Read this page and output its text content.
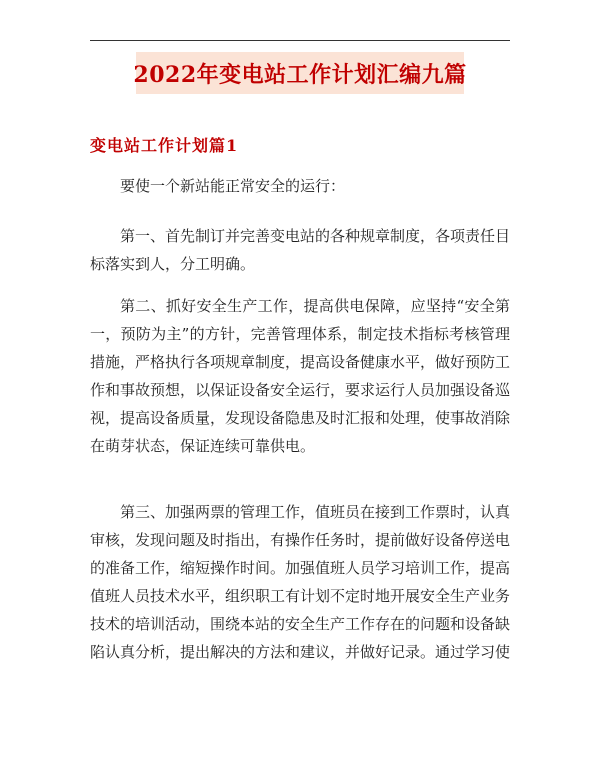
2022年变电站工作计划汇编九篇
变电站工作计划篇1
要使一个新站能正常安全的运行：
第一、首先制订并完善变电站的各种规章制度，各项责任目标落实到人，分工明确。
第二、抓好安全生产工作，提高供电保障，应坚持“安全第一，预防为主”的方针，完善管理体系，制定技术指标考核管理措施，严格执行各项规章制度，提高设备健康水平，做好预防工作和事故预想，以保证设备安全运行，要求运行人员加强设备巡视，提高设备质量，发现设备隐患及时汇报和处理，使事故消除在萌芽状态，保证连续可靠供电。
第三、加强两票的管理工作，值班员在接到工作票时，认真审核，发现问题及时指出，有操作任务时，提前做好设备停送电的准备工作，缩短操作时间。加强值班人员学习培训工作，提高值班人员技术水平，组织职工有计划不定时地开展安全生产业务技术的培训活动，围绕本站的安全生产工作存在的问题和设备缺陷认真分析，提出解决的方法和建议，并做好记录。通过学习使
